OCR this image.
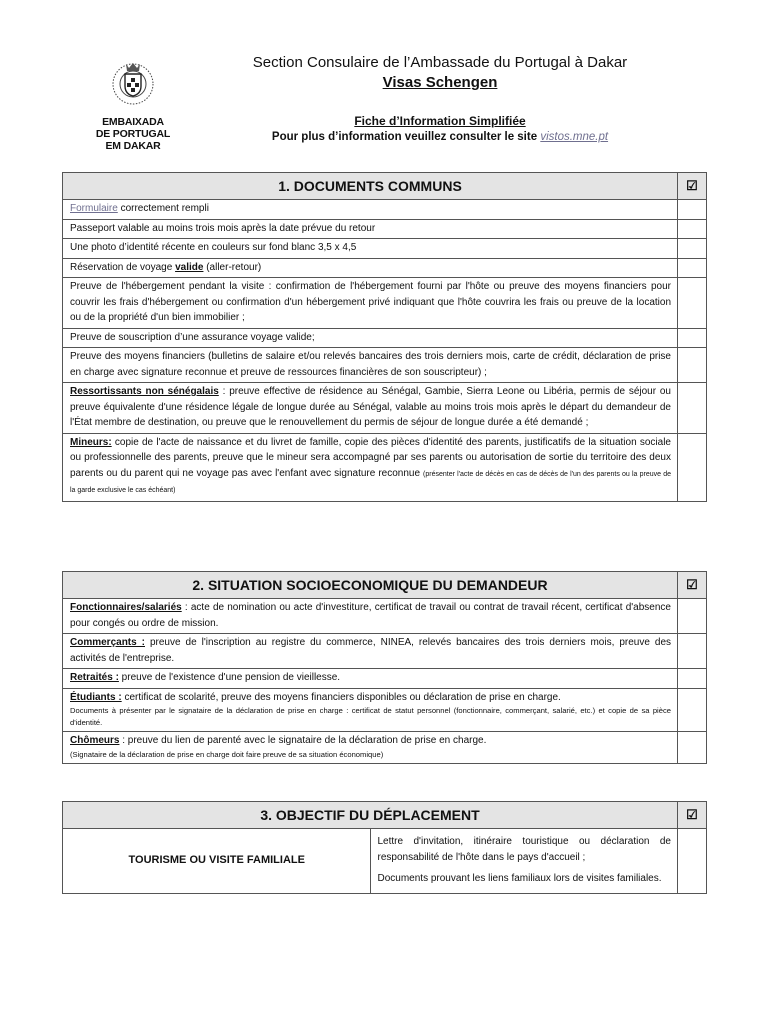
EMBAIXADA
DE PORTUGAL
EM DAKAR
Section Consulaire de l’Ambassade du Portugal à Dakar
Visas Schengen
Fiche d’Information Simplifiée
Pour plus d’information veuillez consulter le site vistos.mne.pt
1. DOCUMENTS COMMUNS	☑
Formulaire correctement rempli	
Passeport valable au moins trois mois après la date prévue du retour	
Une photo d’identité récente en couleurs sur fond blanc 3,5 x 4,5	
Réservation de voyage valide (aller-retour)	
Preuve de l'hébergement pendant la visite : confirmation de l'hébergement fourni par l'hôte ou preuve des moyens financiers pour couvrir les frais d'hébergement ou confirmation d'un hébergement privé indiquant que l'hôte couvrira les frais ou preuve de la location ou de la propriété d'un bien immobilier ;	
Preuve de souscription d’une assurance voyage valide;	
Preuve des moyens financiers (bulletins de salaire et/ou relevés bancaires des trois derniers mois, carte de crédit, déclaration de prise en charge avec signature reconnue et preuve de ressources financières de son souscripteur) ;	
Ressortissants non sénégalais : preuve effective de résidence au Sénégal, Gambie, Sierra Leone ou Libéria, permis de séjour ou preuve équivalente d'une résidence légale de longue durée au Sénégal, valable au moins trois mois après le départ du demandeur de l'État membre de destination, ou preuve que le renouvellement du permis de séjour de longue durée a été demandé ;	
Mineurs: copie de l'acte de naissance et du livret de famille, copie des pièces d'identité des parents, justificatifs de la situation sociale ou professionnelle des parents, preuve que le mineur sera accompagné par ses parents ou autorisation de sortie du territoire des deux parents ou du parent qui ne voyage pas avec l'enfant avec signature reconnue (présenter l'acte de décès en cas de décès de l'un des parents ou la preuve de la garde exclusive le cas échéant)	
2. SITUATION SOCIOECONOMIQUE DU DEMANDEUR	☑
Fonctionnaires/salariés : acte de nomination ou acte d'investiture, certificat de travail ou contrat de travail récent, certificat d'absence pour congés ou ordre de mission.	
Commerçants : preuve de l'inscription au registre du commerce, NINEA, relevés bancaires des trois derniers mois, preuve des activités de l'entreprise.	
Retraités : preuve de l'existence d'une pension de vieillesse.	
Étudiants : certificat de scolarité, preuve des moyens financiers disponibles ou déclaration de prise en charge.
Documents à présenter par le signataire de la déclaration de prise en charge : certificat de statut personnel (fonctionnaire, commerçant, salarié, etc.) et copie de sa pièce d'identité.	

Chômeurs : preuve du lien de parenté avec le signataire de la déclaration de prise en charge.
(Signataire de la déclaration de prise en charge doit faire preuve de sa situation économique)	

3. OBJECTIF DU DÉPLACEMENT		☑
TOURISME OU VISITE FAMILIALE	Lettre d'invitation, itinéraire touristique ou déclaration de responsabilité de l'hôte dans le pays d'accueil ;
Documents prouvant les liens familiaux lors de visites familiales.	
